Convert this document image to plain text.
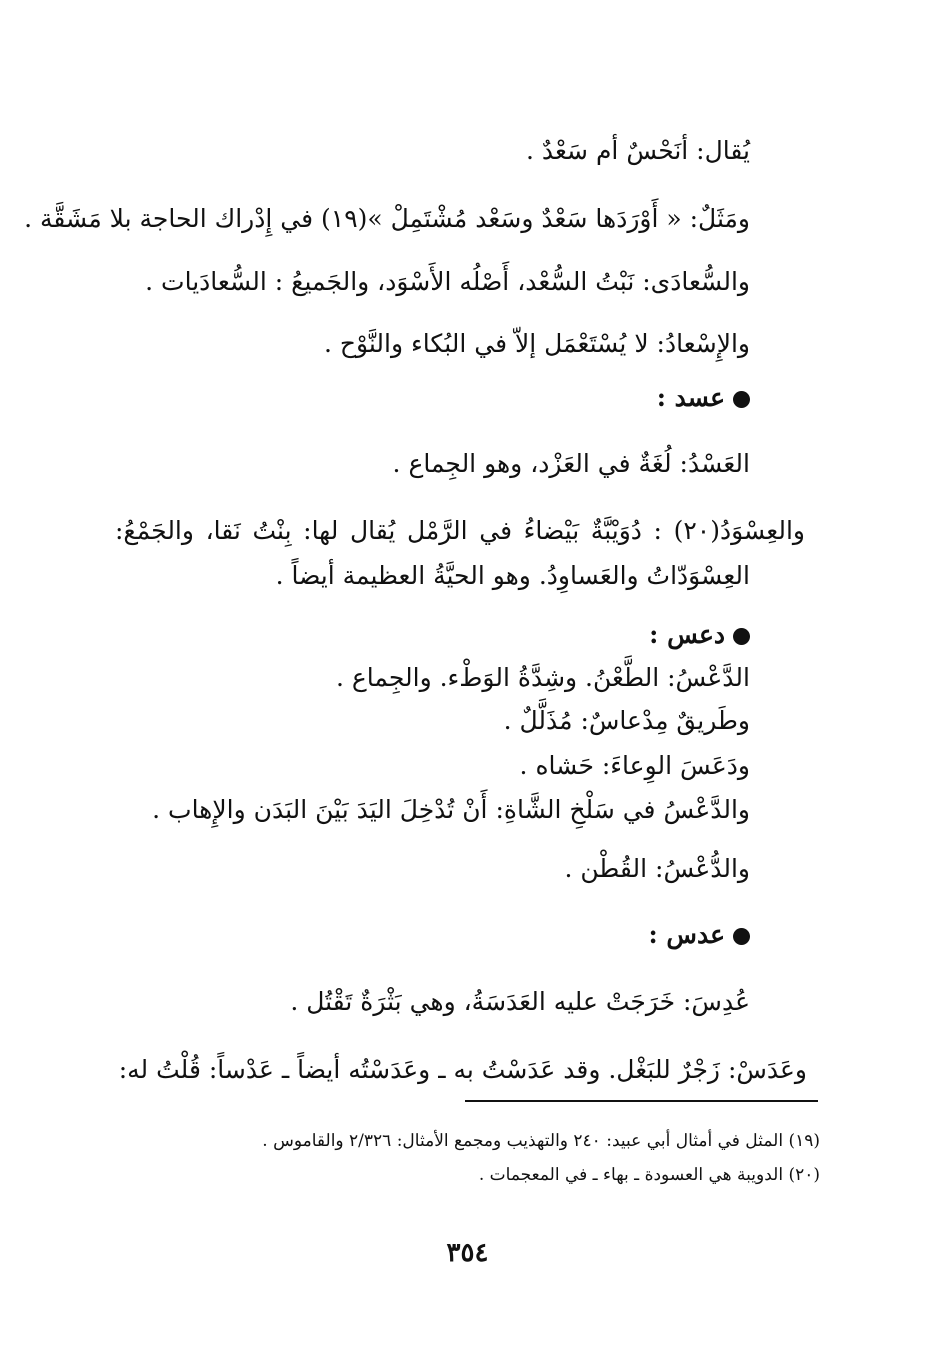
يُقال: أنَحْسٌ أم سَعْدٌ .
ومَثَلٌ: « أَوْرَدَها سَعْدٌ وسَعْد مُشْتَمِلْ »(١٩) في إِدْراك الحاجة بلا مَشَقَّة .
والسُّعادَى: نَبْتُ السُّعْد، أَصْلُه الأَسْوَد، والجَميعُ : السُّعادَيات .
والإِسْعادُ: لا يُسْتَعْمَل إلاّ في البُكاء والنَّوْح .
عسد :
العَسْدُ: لُغَةٌ في العَزْد، وهو الجِماع .
والعِسْوَدُ(٢٠) : دُوَيْبَّةٌ بَيْضاءُ في الرَّمْل يُقال لها: بِنْتُ نَقا، والجَمْعُ:
العِسْوَدّاتُ والعَساوِدُ. وهو الحيَّةُ العظيمة أيضاً .
دعس :
الدَّعْسُ: الطَّعْنُ. وشِدَّةُ الوَطْء. والجِماع .
وطَريقٌ مِدْعاسٌ: مُذَلَّلٌ .
ودَعَسَ الوِعاءَ: حَشاه .
والدَّعْسُ في سَلْخِ الشَّاةِ: أَنْ تُدْخِلَ اليَدَ بَيْنَ البَدَن والإِهاب .
والدُّعْسُ: القُطْن .
عدس :
عُدِسَ: خَرَجَتْ عليه العَدَسَةُ، وهي بَثْرَةٌ تَقْتُل .
وعَدَسْ: زَجْرٌ للبَغْل. وقد عَدَسْتُ به ـ وعَدَسْتُه أيضاً ـ عَدْساً: قُلْتُ له:
(١٩) المثل في أمثال أبي عبيد: ٢٤٠ والتهذيب ومجمع الأمثال: ٢/٣٢٦ والقاموس .
(٢٠) الدويبة هي العسودة ـ بهاء ـ في المعجمات .
٣٥٤
